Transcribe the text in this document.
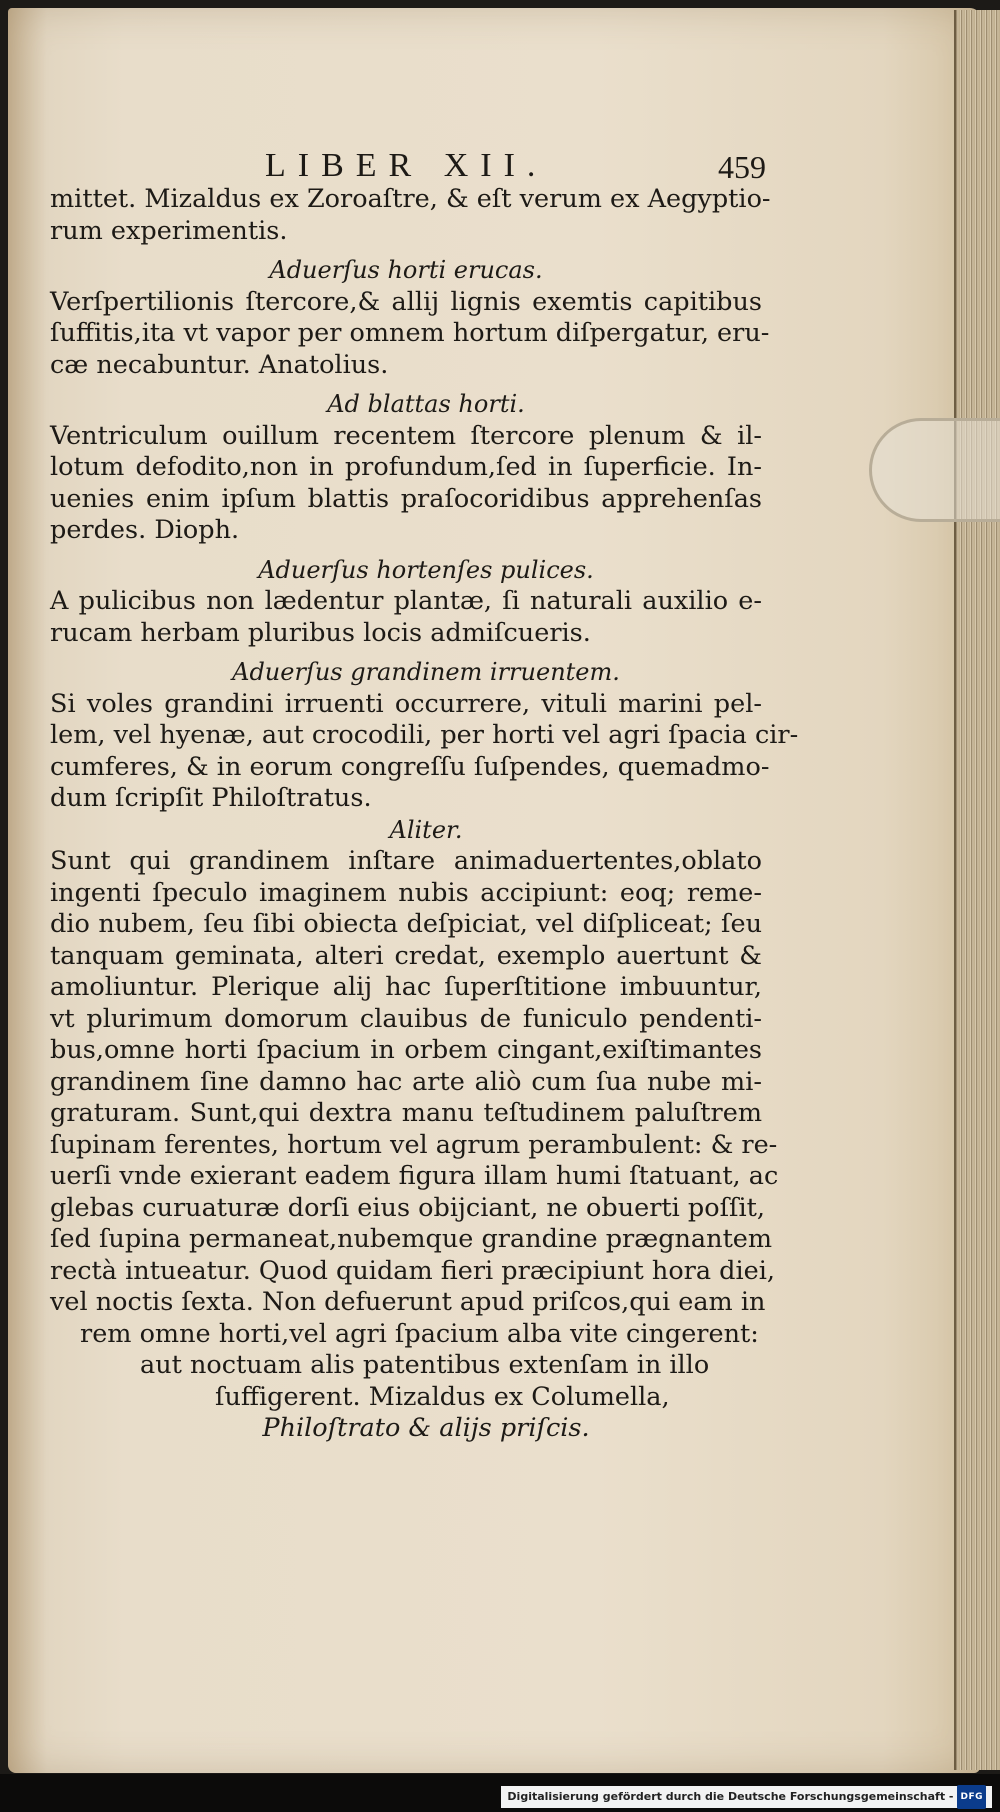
LIBER XII.	459
mittet. Mizaldus ex Zoroaſtre, & eſt verum ex Aegyptio-
rum experimentis.
Aduerſus horti erucas.
Verſpertilionis ſtercore,& allij lignis exemtis capitibus
ſuffitis,ita vt vapor per omnem hortum diſpergatur, eru-
cæ necabuntur. Anatolius.
Ad blattas horti.
Ventriculum ouillum recentem ſtercore plenum & il-
lotum defodito,non in profundum,ſed in ſuperficie. In-
uenies enim ipſum blattis praſocoridibus apprehenſas
perdes. Dioph.
Aduerſus hortenſes pulices.
A pulicibus non lædentur plantæ, ſi naturali auxilio e-
rucam herbam pluribus locis admiſcueris.
Aduerſus grandinem irruentem.
Si voles grandini irruenti occurrere, vituli marini pel-
lem, vel hyenæ, aut crocodili, per horti vel agri ſpacia cir-
cumferes, & in eorum congreſſu ſuſpendes, quemadmo-
dum ſcripſit Philoſtratus.
Aliter.
Sunt qui grandinem inſtare animaduertentes,oblato
ingenti ſpeculo imaginem nubis accipiunt: eoq; reme-
dio nubem, ſeu ſibi obiecta deſpiciat, vel diſpliceat; ſeu
tanquam geminata, alteri credat, exemplo auertunt &
amoliuntur. Plerique alij hac ſuperſtitione imbuuntur,
vt plurimum domorum clauibus de funiculo pendenti-
bus,omne horti ſpacium in orbem cingant,exiſtimantes
grandinem ſine damno hac arte aliò cum ſua nube mi-
graturam. Sunt,qui dextra manu teſtudinem paluſtrem
ſupinam ferentes, hortum vel agrum perambulent: & re-
uerſi vnde exierant eadem figura illam humi ſtatuant, ac
glebas curuaturæ dorſi eius obijciant, ne obuerti poſſit,
ſed ſupina permaneat,nubemque grandine prægnantem
rectà intueatur. Quod quidam fieri præcipiunt hora diei,
vel noctis ſexta. Non defuerunt apud priſcos,qui eam in
rem omne horti,vel agri ſpacium alba vite cingerent:
aut noctuam alis patentibus extenſam in illo
ſuffigerent. Mizaldus ex Columella,
Philoſtrato & alijs priſcis.
Digitalisierung gefördert durch die Deutsche Forschungsgemeinschaft - DFG
